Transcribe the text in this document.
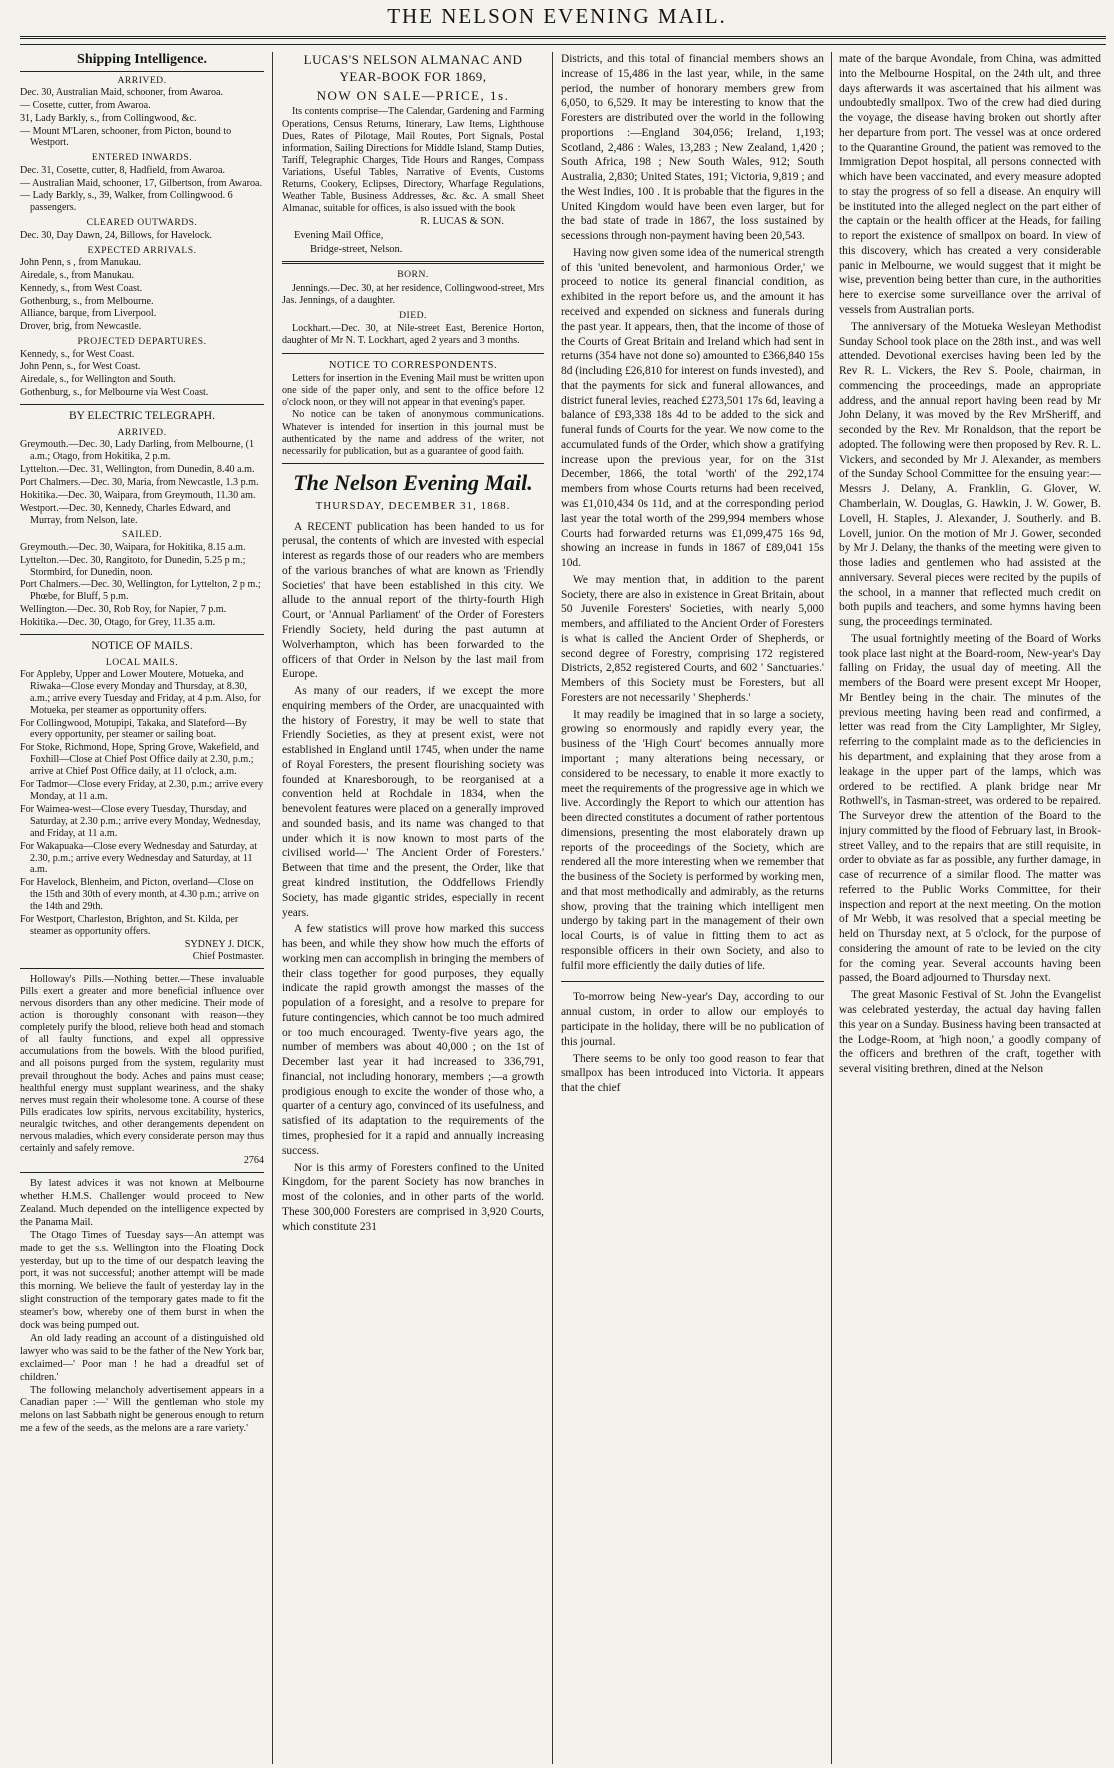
THE NELSON EVENING MAIL.
Shipping Intelligence.
ARRIVED.

Dec. 30, Australian Maid, schooner, from Awaroa.

— Cosette, cutter, from Awaroa.

31, Lady Barkly, s., from Collingwood, &c.

— Mount M'Laren, schooner, from Picton, bound to Westport.

ENTERED INWARDS.

Dec. 31, Cosette, cutter, 8, Hadfield, from Awaroa.

— Australian Maid, schooner, 17, Gilbertson, from Awaroa.

— Lady Barkly, s., 39, Walker, from Collingwood. 6 passengers.

CLEARED OUTWARDS.

Dec. 30, Day Dawn, 24, Billows, for Havelock.

EXPECTED ARRIVALS.

John Penn, s , from Manukau.

Airedale, s., from Manukau.

Kennedy, s., from West Coast.

Gothenburg, s., from Melbourne.

Alliance, barque, from Liverpool.

Drover, brig, from Newcastle.

PROJECTED DEPARTURES.

Kennedy, s., for West Coast.

John Penn, s., for West Coast.

Airedale, s., for Wellington and South.

Gothenburg, s., for Melbourne via West Coast.

BY ELECTRIC TELEGRAPH.
ARRIVED.

Greymouth.—Dec. 30, Lady Darling, from Melbourne, (1 a.m.; Otago, from Hokitika, 2 p.m.

Lyttelton.—Dec. 31, Wellington, from Dunedin, 8.40 a.m.

Port Chalmers.—Dec. 30, Maria, from Newcastle, 1.3 p.m.

Hokitika.—Dec. 30, Waipara, from Greymouth, 11.30 am.

Westport.—Dec. 30, Kennedy, Charles Edward, and Murray, from Nelson, late.

SAILED.

Greymouth.—Dec. 30, Waipara, for Hokitika, 8.15 a.m.

Lyttelton.—Dec. 30, Rangitoto, for Dunedin, 5.25 p m.; Stormbird, for Dunedin, noon.

Port Chalmers.—Dec. 30, Wellington, for Lyttelton, 2 p m.; Phœbe, for Bluff, 5 p.m.

Wellington.—Dec. 30, Rob Roy, for Napier, 7 p.m.

Hokitika.—Dec. 30, Otago, for Grey, 11.35 a.m.

NOTICE OF MAILS.
LOCAL MAILS.

For Appleby, Upper and Lower Moutere, Motueka, and Riwaka—Close every Monday and Thursday, at 8.30, a.m.; arrive every Tuesday and Friday, at 4 p.m. Also, for Motueka, per steamer as opportunity offers.

For Collingwood, Motupipi, Takaka, and Slateford—By every opportunity, per steamer or sailing boat.

For Stoke, Richmond, Hope, Spring Grove, Wakefield, and Foxhill—Close at Chief Post Office daily at 2.30, p.m.; arrive at Chief Post Office daily, at 11 o'clock, a.m.

For Tadmor—Close every Friday, at 2.30, p.m.; arrive every Monday, at 11 a.m.

For Waimea-west—Close every Tuesday, Thursday, and Saturday, at 2.30 p.m.; arrive every Monday, Wednesday, and Friday, at 11 a.m.

For Wakapuaka—Close every Wednesday and Saturday, at 2.30, p.m.; arrive every Wednesday and Saturday, at 11 a.m.

For Havelock, Blenheim, and Picton, overland—Close on the 15th and 30th of every month, at 4.30 p.m.; arrive on the 14th and 29th.

For Westport, Charleston, Brighton, and St. Kilda, per steamer as opportunity offers.

SYDNEY J. DICK,

Chief Postmaster.

Holloway's Pills.—Nothing better.—These invaluable Pills exert a greater and more beneficial influence over nervous disorders than any other medicine. Their mode of action is thoroughly consonant with reason—they completely purify the blood, relieve both head and stomach of all faulty functions, and expel all oppressive accumulations from the bowels. With the blood purified, and all poisons purged from the system, regularity must prevail throughout the body. Aches and pains must cease; healthful energy must supplant weariness, and the shaky nerves must regain their wholesome tone. A course of these Pills eradicates low spirits, nervous excitability, hysterics, neuralgic twitches, and other derangements dependent on nervous maladies, which every considerate person may thus certainly and safely remove.

2764

By latest advices it was not known at Melbourne whether H.M.S. Challenger would proceed to New Zealand. Much depended on the intelligence expected by the Panama Mail.

The Otago Times of Tuesday says—An attempt was made to get the s.s. Wellington into the Floating Dock yesterday, but up to the time of our despatch leaving the port, it was not successful; another attempt will be made this morning. We believe the fault of yesterday lay in the slight construction of the temporary gates made to fit the steamer's bow, whereby one of them burst in when the dock was being pumped out.

An old lady reading an account of a distinguished old lawyer who was said to be the father of the New York bar, exclaimed—' Poor man ! he had a dreadful set of children.'

The following melancholy advertisement appears in a Canadian paper :—' Will the gentleman who stole my melons on last Sabbath night be generous enough to return me a few of the seeds, as the melons are a rare variety.'

LUCAS'S NELSON ALMANAC AND YEAR-BOOK FOR 1869,
NOW ON SALE—PRICE, 1s.

Its contents comprise—The Calendar, Gardening and Farming Operations, Census Returns, Itinerary, Law Items, Lighthouse Dues, Rates of Pilotage, Mail Routes, Port Signals, Postal information, Sailing Directions for Middle Island, Stamp Duties, Tariff, Telegraphic Charges, Tide Hours and Ranges, Compass Variations, Useful Tables, Narrative of Events, Customs Returns, Cookery, Eclipses, Directory, Wharfage Regulations, Weather Table, Business Addresses, &c. &c. A small Sheet Almanac, suitable for offices, is also issued with the book

R. LUCAS & SON.

Evening Mail Office,

Bridge-street, Nelson.

BORN.

Jennings.—Dec. 30, at her residence, Collingwood-street, Mrs Jas. Jennings, of a daughter.

DIED.

Lockhart.—Dec. 30, at Nile-street East, Berenice Horton, daughter of Mr N. T. Lockhart, aged 2 years and 3 months.

NOTICE TO CORRESPONDENTS.

Letters for insertion in the Evening Mail must be written upon one side of the paper only, and sent to the office before 12 o'clock noon, or they will not appear in that evening's paper.

No notice can be taken of anonymous communications. Whatever is intended for insertion in this journal must be authenticated by the name and address of the writer, not necessarily for publication, but as a guarantee of good faith.

The Nelson Evening Mail.
THURSDAY, DECEMBER 31, 1868.

A RECENT publication has been handed to us for perusal, the contents of which are invested with especial interest as regards those of our readers who are members of the various branches of what are known as 'Friendly Societies' that have been established in this city. We allude to the annual report of the thirty-fourth High Court, or 'Annual Parliament' of the Order of Foresters Friendly Society, held during the past autumn at Wolverhampton, which has been forwarded to the officers of that Order in Nelson by the last mail from Europe.

As many of our readers, if we except the more enquiring members of the Order, are unacquainted with the history of Forestry, it may be well to state that Friendly Societies, as they at present exist, were not established in England until 1745, when under the name of Royal Foresters, the present flourishing society was founded at Knaresborough, to be reorganised at a convention held at Rochdale in 1834, when the benevolent features were placed on a generally improved and sounded basis, and its name was changed to that under which it is now known to most parts of the civilised world—' The Ancient Order of Foresters.' Between that time and the present, the Order, like that great kindred institution, the Oddfellows Friendly Society, has made gigantic strides, especially in recent years.

A few statistics will prove how marked this success has been, and while they show how much the efforts of working men can accomplish in bringing the members of their class together for good purposes, they equally indicate the rapid growth amongst the masses of the population of a foresight, and a resolve to prepare for future contingencies, which cannot be too much admired or too much encouraged. Twenty-five years ago, the number of members was about 40,000 ; on the 1st of December last year it had increased to 336,791, financial, not including honorary, members ;—a growth prodigious enough to excite the wonder of those who, a quarter of a century ago, convinced of its usefulness, and satisfied of its adaptation to the requirements of the times, prophesied for it a rapid and annually increasing success.

Nor is this army of Foresters confined to the United Kingdom, for the parent Society has now branches in most of the colonies, and in other parts of the world. These 300,000 Foresters are comprised in 3,920 Courts, which constitute 231

Districts, and this total of financial members shows an increase of 15,486 in the last year, while, in the same period, the number of honorary members grew from 6,050, to 6,529. It may be interesting to know that the Foresters are distributed over the world in the following proportions :—England 304,056; Ireland, 1,193; Scotland, 2,486 : Wales, 13,283 ; New Zealand, 1,420 ; South Africa, 198 ; New South Wales, 912; South Australia, 2,830; United States, 191; Victoria, 9,819 ; and the West Indies, 100 . It is probable that the figures in the United Kingdom would have been even larger, but for the bad state of trade in 1867, the loss sustained by secessions through non-payment having been 20,543.

Having now given some idea of the numerical strength of this 'united benevolent, and harmonious Order,' we proceed to notice its general financial condition, as exhibited in the report before us, and the amount it has received and expended on sickness and funerals during the past year. It appears, then, that the income of those of the Courts of Great Britain and Ireland which had sent in returns (354 have not done so) amounted to £366,840 15s 8d (including £26,810 for interest on funds invested), and that the payments for sick and funeral allowances, and district funeral levies, reached £273,501 17s 6d, leaving a balance of £93,338 18s 4d to be added to the sick and funeral funds of Courts for the year. We now come to the accumulated funds of the Order, which show a gratifying increase upon the previous year, for on the 31st December, 1866, the total 'worth' of the 292,174 members from whose Courts returns had been received, was £1,010,434 0s 11d, and at the corresponding period last year the total worth of the 299,994 members whose Courts had forwarded returns was £1,099,475 16s 9d, showing an increase in funds in 1867 of £89,041 15s 10d.

We may mention that, in addition to the parent Society, there are also in existence in Great Britain, about 50 Juvenile Foresters' Societies, with nearly 5,000 members, and affiliated to the Ancient Order of Foresters is what is called the Ancient Order of Shepherds, or second degree of Forestry, comprising 172 registered Districts, 2,852 registered Courts, and 602 ' Sanctuaries.' Members of this Society must be Foresters, but all Foresters are not necessarily ' Shepherds.'

It may readily be imagined that in so large a society, growing so enormously and rapidly every year, the business of the 'High Court' becomes annually more important ; many alterations being necessary, or considered to be necessary, to enable it more exactly to meet the requirements of the progressive age in which we live. Accordingly the Report to which our attention has been directed constitutes a document of rather portentous dimensions, presenting the most elaborately drawn up reports of the proceedings of the Society, which are rendered all the more interesting when we remember that the business of the Society is performed by working men, and that most methodically and admirably, as the returns show, proving that the training which intelligent men undergo by taking part in the management of their own local Courts, is of value in fitting them to act as responsible officers in their own Society, and also to fulfil more efficiently the daily duties of life.

To-morrow being New-year's Day, according to our annual custom, in order to allow our employés to participate in the holiday, there will be no publication of this journal.

There seems to be only too good reason to fear that smallpox has been introduced into Victoria. It appears that the chief

mate of the barque Avondale, from China, was admitted into the Melbourne Hospital, on the 24th ult, and three days afterwards it was ascertained that his ailment was undoubtedly smallpox. Two of the crew had died during the voyage, the disease having broken out shortly after her departure from port. The vessel was at once ordered to the Quarantine Ground, the patient was removed to the Immigration Depot hospital, all persons connected with which have been vaccinated, and every measure adopted to stay the progress of so fell a disease. An enquiry will be instituted into the alleged neglect on the part either of the captain or the health officer at the Heads, for failing to report the existence of smallpox on board. In view of this discovery, which has created a very considerable panic in Melbourne, we would suggest that it might be wise, prevention being better than cure, in the authorities here to exercise some surveillance over the arrival of vessels from Australian ports.

The anniversary of the Motueka Wesleyan Methodist Sunday School took place on the 28th inst., and was well attended. Devotional exercises having been led by the Rev R. L. Vickers, the Rev S. Poole, chairman, in commencing the proceedings, made an appropriate address, and the annual report having been read by Mr John Delany, it was moved by the Rev MrSheriff, and seconded by the Rev. Mr Ronaldson, that the report be adopted. The following were then proposed by Rev. R. L. Vickers, and seconded by Mr J. Alexander, as members of the Sunday School Committee for the ensuing year:—Messrs J. Delany, A. Franklin, G. Glover, W. Chamberlain, W. Douglas, G. Hawkin, J. W. Gower, B. Lovell, H. Staples, J. Alexander, J. Southerly. and B. Lovell, junior. On the motion of Mr J. Gower, seconded by Mr J. Delany, the thanks of the meeting were given to those ladies and gentlemen who had assisted at the anniversary. Several pieces were recited by the pupils of the school, in a manner that reflected much credit on both pupils and teachers, and some hymns having been sung, the proceedings terminated.

The usual fortnightly meeting of the Board of Works took place last night at the Board-room, New-year's Day falling on Friday, the usual day of meeting. All the members of the Board were present except Mr Hooper, Mr Bentley being in the chair. The minutes of the previous meeting having been read and confirmed, a letter was read from the City Lamplighter, Mr Sigley, referring to the complaint made as to the deficiencies in his department, and explaining that they arose from a leakage in the upper part of the lamps, which was ordered to be rectified. A plank bridge near Mr Rothwell's, in Tasman-street, was ordered to be repaired. The Surveyor drew the attention of the Board to the injury committed by the flood of February last, in Brook-street Valley, and to the repairs that are still requisite, in order to obviate as far as possible, any further damage, in case of recurrence of a similar flood. The matter was referred to the Public Works Committee, for their inspection and report at the next meeting. On the motion of Mr Webb, it was resolved that a special meeting be held on Thursday next, at 5 o'clock, for the purpose of considering the amount of rate to be levied on the city for the coming year. Several accounts having been passed, the Board adjourned to Thursday next.

The great Masonic Festival of St. John the Evangelist was celebrated yesterday, the actual day having fallen this year on a Sunday. Business having been transacted at the Lodge-Room, at 'high noon,' a goodly company of the officers and brethren of the craft, together with several visiting brethren, dined at the Nelson
